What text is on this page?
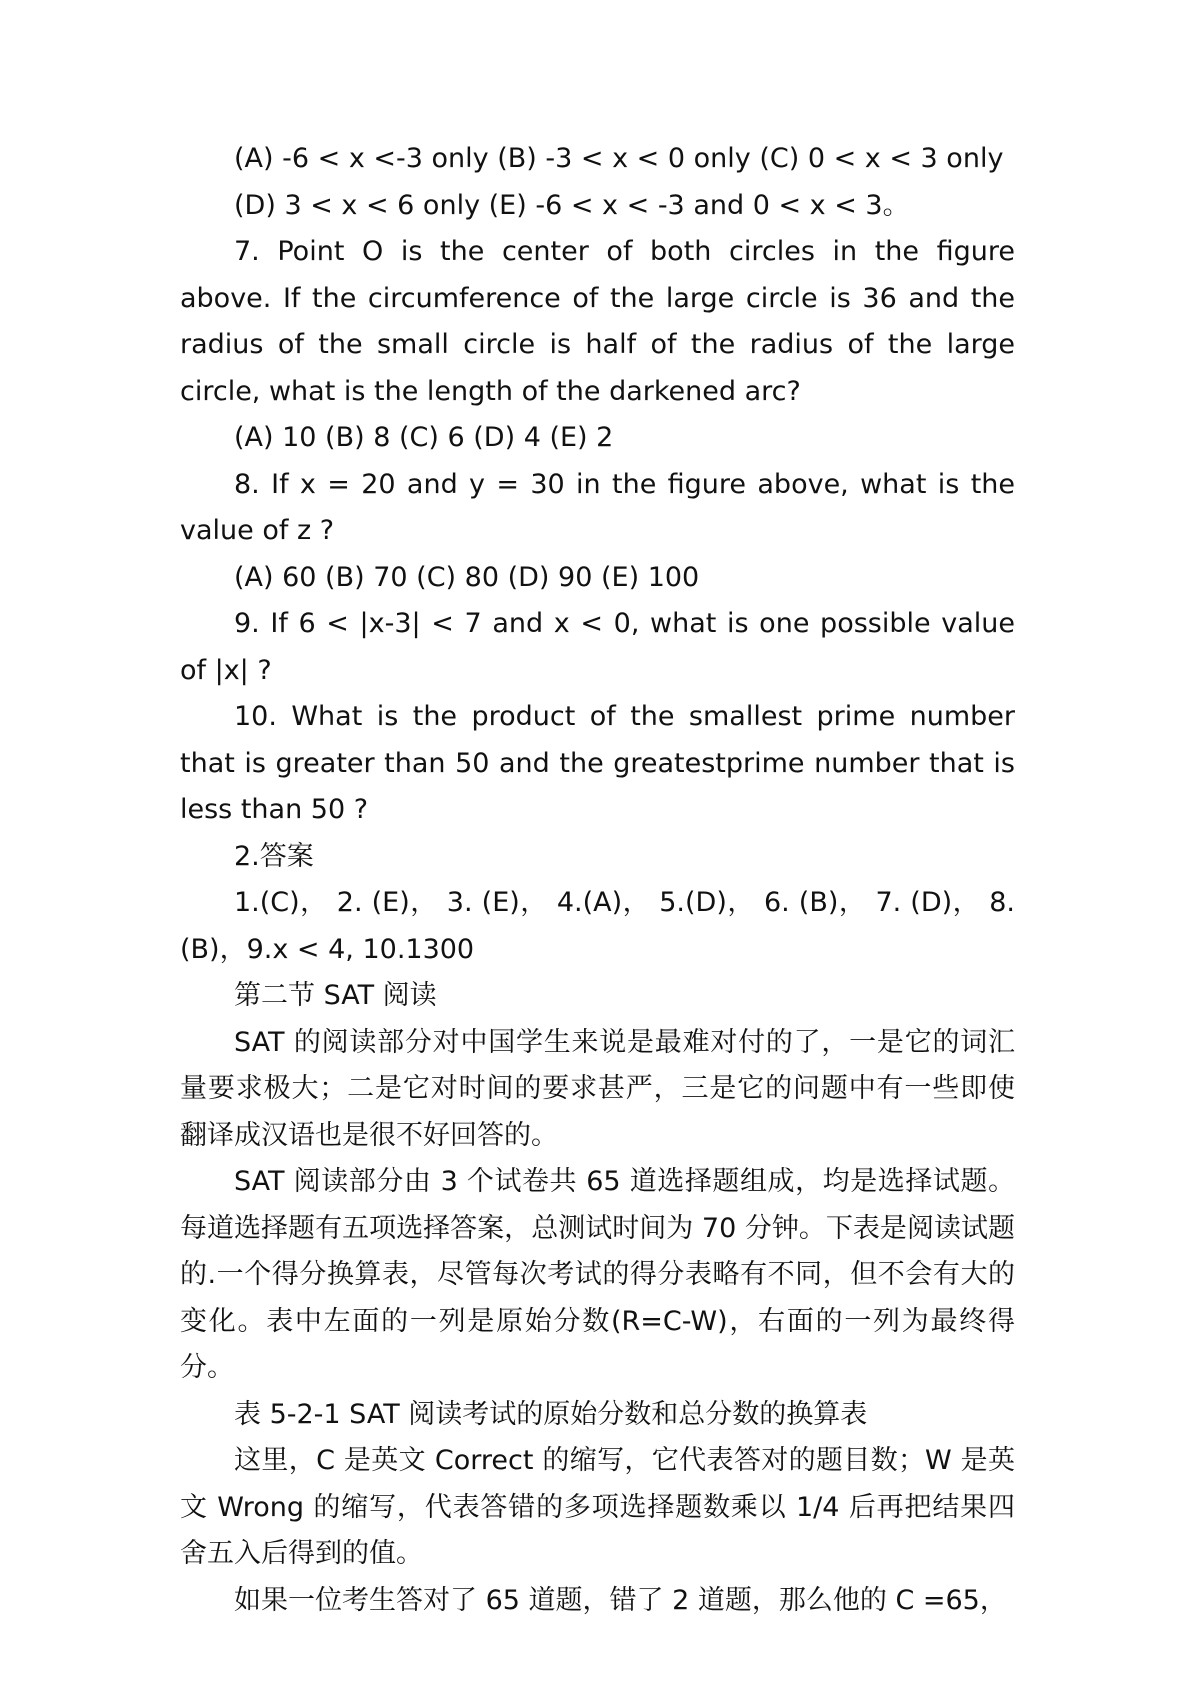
(A) -6 < x <-3 only (B) -3 < x < 0 only (C) 0 < x < 3 only

(D) 3 < x < 6 only (E) -6 < x < -3 and 0 < x < 3。

7. Point O is the center of both circles in the figure above. If the circumference of the large circle is 36 and the radius of the small circle is half of the radius of the large circle, what is the length of the darkened arc?

(A) 10 (B) 8 (C) 6 (D) 4 (E) 2

8. If x = 20 and y = 30 in the figure above, what is the value of z ?

(A) 60 (B) 70 (C) 80 (D) 90 (E) 100

9. If 6 < |x-3| < 7 and x < 0, what is one possible value of |x| ?

10. What is the product of the smallest prime number that is greater than 50 and the greatestprime number that is less than 50 ?

2.答案

1.(C)， 2. (E)， 3. (E)， 4.(A)， 5.(D)， 6. (B)， 7. (D)， 8. (B)，9.x < 4, 10.1300

第二节 SAT 阅读

SAT 的阅读部分对中国学生来说是最难对付的了，一是它的词汇量要求极大；二是它对时间的要求甚严，三是它的问题中有一些即使翻译成汉语也是很不好回答的。

SAT 阅读部分由 3 个试卷共 65 道选择题组成，均是选择试题。每道选择题有五项选择答案，总测试时间为 70 分钟。下表是阅读试题的.一个得分换算表，尽管每次考试的得分表略有不同，但不会有大的变化。表中左面的一列是原始分数(R=C-W)，右面的一列为最终得分。

表 5-2-1 SAT 阅读考试的原始分数和总分数的换算表

这里，C 是英文 Correct 的缩写，它代表答对的题目数；W 是英文 Wrong 的缩写，代表答错的多项选择题数乘以 1/4 后再把结果四舍五入后得到的值。

如果一位考生答对了 65 道题，错了 2 道题，那么他的 C =65，
